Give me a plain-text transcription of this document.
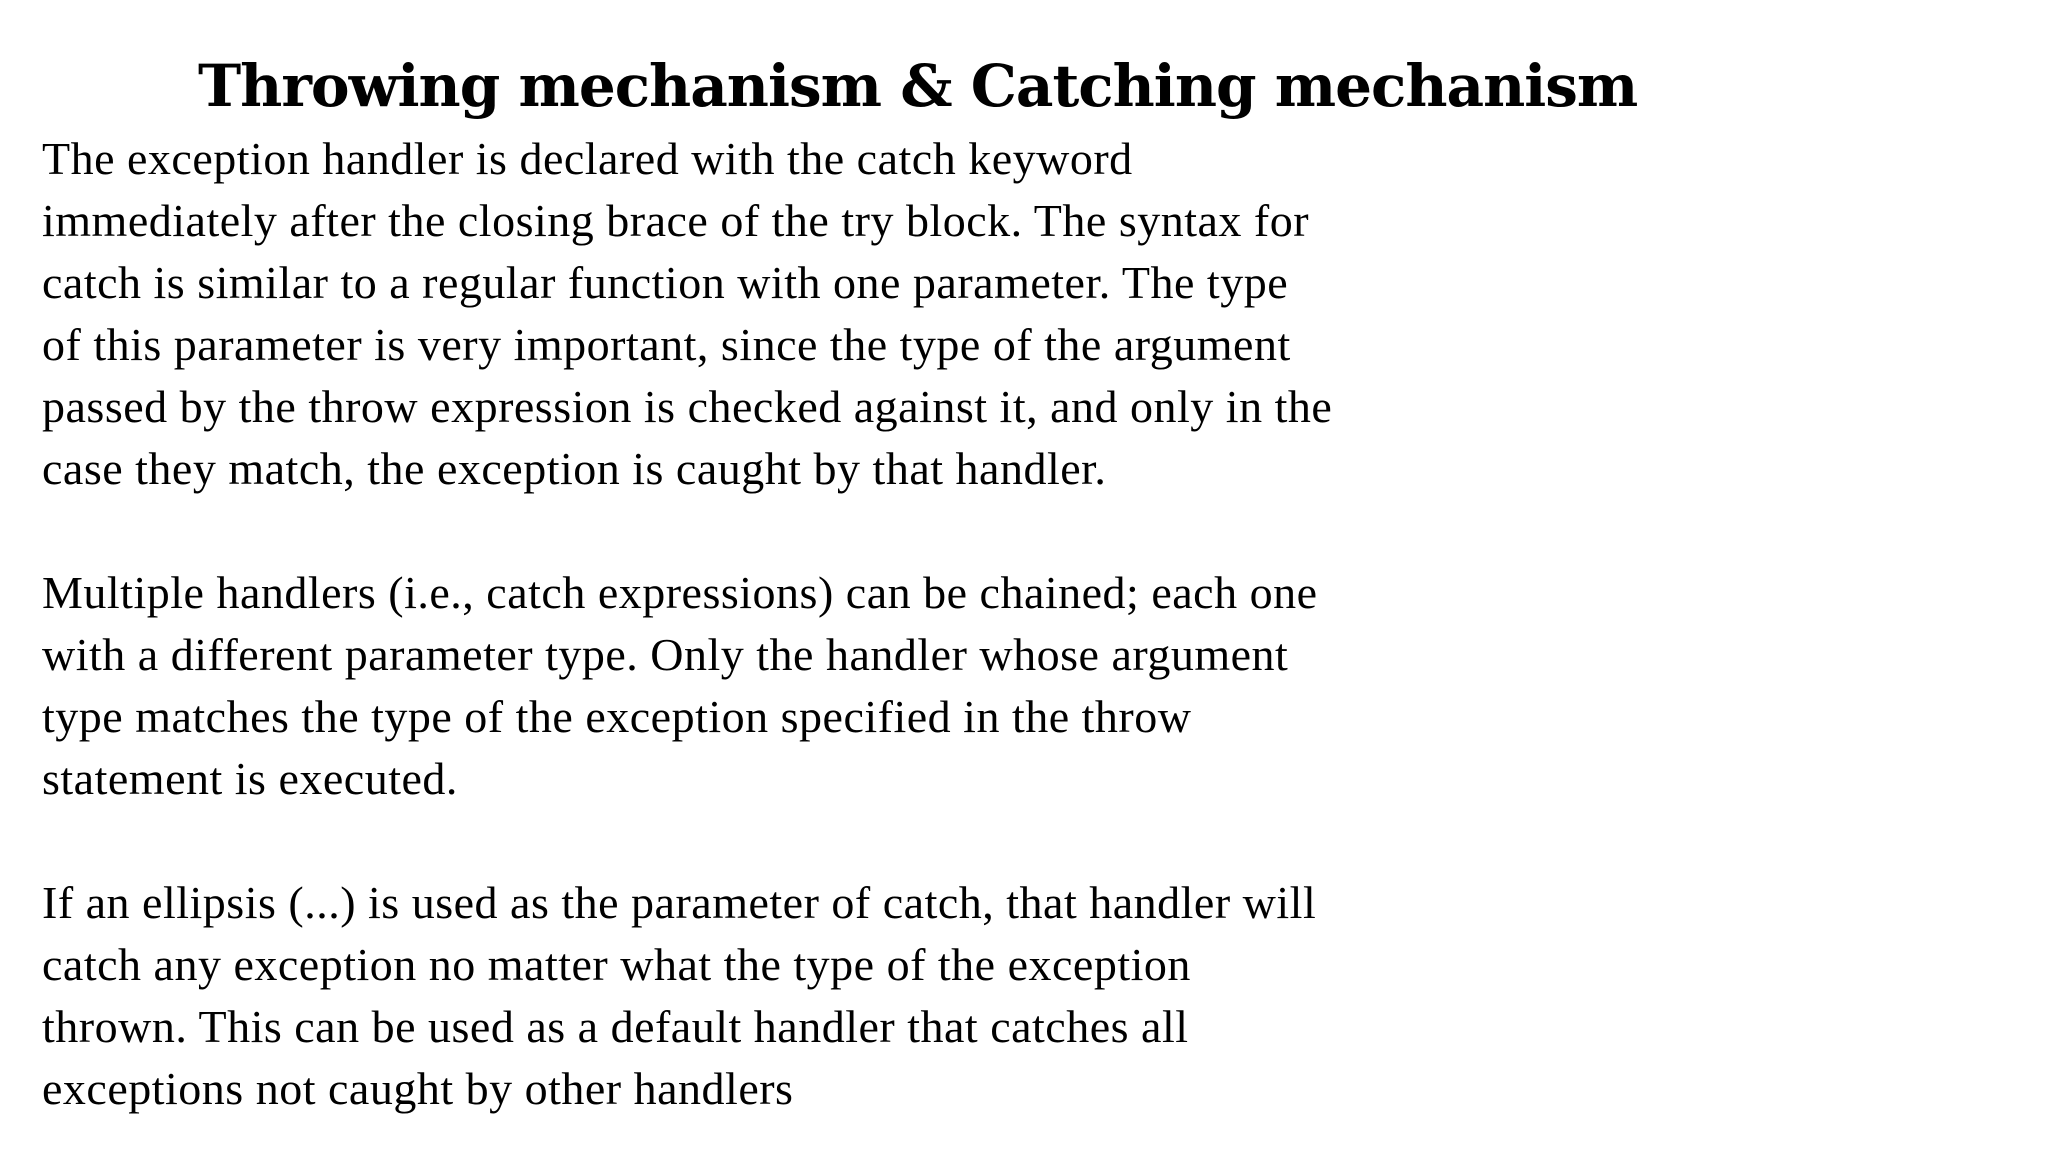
Throwing mechanism & Catching mechanism

The exception handler is declared with the catch keyword
immediately after the closing brace of the try block. The syntax for
catch is similar to a regular function with one parameter. The type
of this parameter is very important, since the type of the argument
passed by the throw expression is checked against it, and only in the
case they match, the exception is caught by that handler.

Multiple handlers (i.e., catch expressions) can be chained; each one
with a different parameter type. Only the handler whose argument
type matches the type of the exception specified in the throw
statement is executed.

If an ellipsis (...) is used as the parameter of catch, that handler will
catch any exception no matter what the type of the exception
thrown. This can be used as a default handler that catches all
exceptions not caught by other handlers
